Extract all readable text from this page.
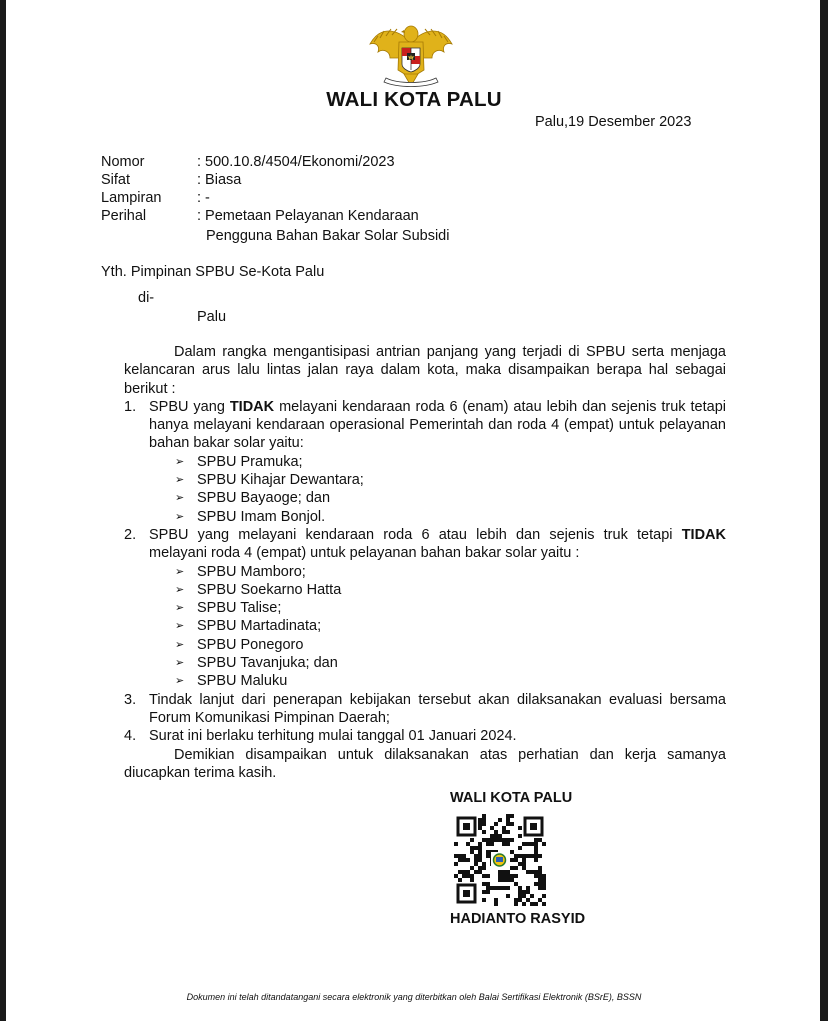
WALI KOTA PALU
Palu,19 Desember 2023
Nomor	: 500.10.8/4504/Ekonomi/2023
Sifat	: Biasa
Lampiran : -
Perihal	: Pemetaan Pelayanan Kendaraan
Pengguna Bahan Bakar Solar Subsidi
Yth. Pimpinan SPBU Se-Kota Palu
di-
Palu
Dalam rangka mengantisipasi antrian panjang yang terjadi di SPBU serta menjaga kelancaran arus lalu lintas jalan raya dalam kota, maka disampaikan berapa hal sebagai berikut :
1. SPBU yang TIDAK melayani kendaraan roda 6 (enam) atau lebih dan sejenis truk tetapi hanya melayani kendaraan operasional Pemerintah dan roda 4 (empat) untuk pelayanan bahan bakar solar yaitu:
➢ SPBU Pramuka;
➢ SPBU Kihajar Dewantara;
➢ SPBU Bayaoge; dan
➢ SPBU Imam Bonjol.
2. SPBU yang melayani kendaraan roda 6 atau lebih dan sejenis truk tetapi TIDAK melayani roda 4 (empat) untuk pelayanan bahan bakar solar yaitu :
➢ SPBU Mamboro;
➢ SPBU Soekarno Hatta
➢ SPBU Talise;
➢ SPBU Martadinata;
➢ SPBU Ponegoro
➢ SPBU Tavanjuka; dan
➢ SPBU Maluku
3. Tindak lanjut dari penerapan kebijakan tersebut akan dilaksanakan evaluasi bersama Forum Komunikasi Pimpinan Daerah;
4. Surat ini berlaku terhitung mulai tanggal 01 Januari 2024.
Demikian disampaikan untuk dilaksanakan atas perhatian dan kerja samanya diucapkan terima kasih.
WALI KOTA PALU
HADIANTO RASYID
Dokumen ini telah ditandatangani secara elektronik yang diterbitkan oleh Balai Sertifikasi Elektronik (BSrE), BSSN
